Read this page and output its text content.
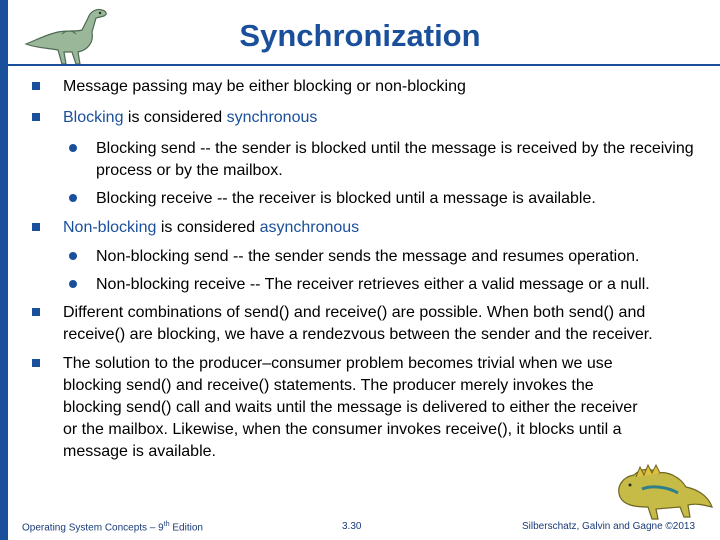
Synchronization
Message passing may be either blocking or non-blocking
Blocking is considered synchronous
Blocking send -- the sender is blocked until the message is received by the receiving process or by the mailbox.
Blocking receive -- the receiver is blocked until a message is available.
Non-blocking is considered asynchronous
Non-blocking send -- the sender sends the message and resumes operation.
Non-blocking receive -- The receiver retrieves either a valid message or a null.
Different combinations of send() and receive() are possible. When both send() and receive() are blocking, we have a rendezvous between the sender and the receiver.
The solution to the producer–consumer problem becomes trivial when we use blocking send() and receive() statements. The producer merely invokes the blocking send() call and waits until the message is delivered to either the receiver or the mailbox. Likewise, when the consumer invokes receive(), it blocks until a message is available.
Operating System Concepts – 9th Edition	3.30	Silberschatz, Galvin and Gagne ©2013
